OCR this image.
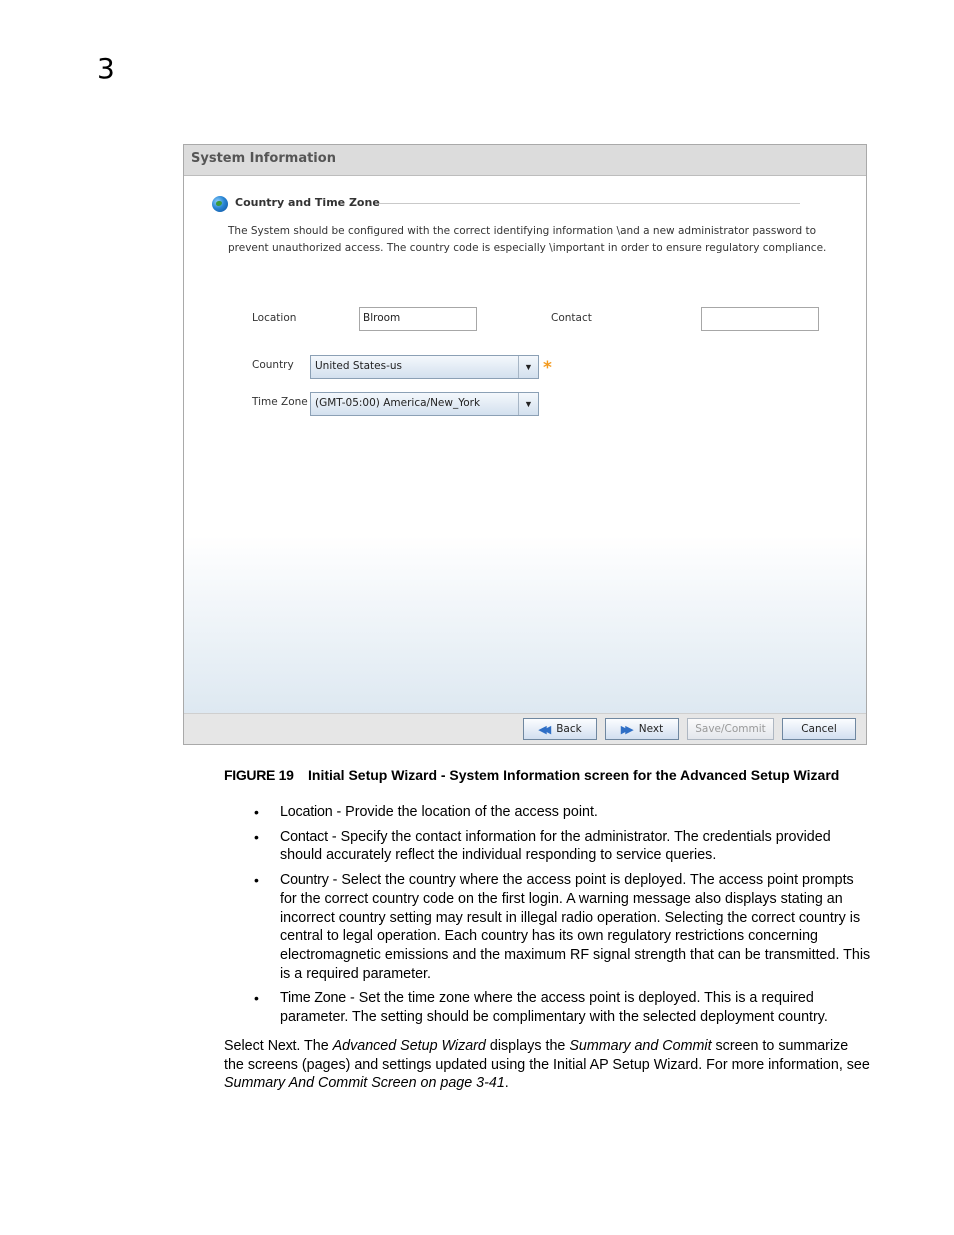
3
System Information
Country and Time Zone
The System should be configured with the correct identifying information \and a new administrator password to prevent unauthorized access. The country code is especially \important in order to ensure regulatory compliance.
Location	Blroom	Contact
Country United States-us	▼ *
Time Zone (GMT-05:00) America/New_York	▼
◀◀ Back	▶▶ Next	Save/Commit	Cancel
FIGURE 19 Initial Setup Wizard - System Information screen for the Advanced Setup Wizard
• Location - Provide the location of the access point.
• Contact - Specify the contact information for the administrator. The credentials provided should accurately reflect the individual responding to service queries.
• Country - Select the country where the access point is deployed. The access point prompts for the correct country code on the first login. A warning message also displays stating an incorrect country setting may result in illegal radio operation. Selecting the correct country is central to legal operation. Each country has its own regulatory restrictions concerning electromagnetic emissions and the maximum RF signal strength that can be transmitted. This is a required parameter.
• Time Zone - Set the time zone where the access point is deployed. This is a required parameter. The setting should be complimentary with the selected deployment country.
Select Next. The Advanced Setup Wizard displays the Summary and Commit screen to summarize the screens (pages) and settings updated using the Initial AP Setup Wizard. For more information, see Summary And Commit Screen on page 3-41.
